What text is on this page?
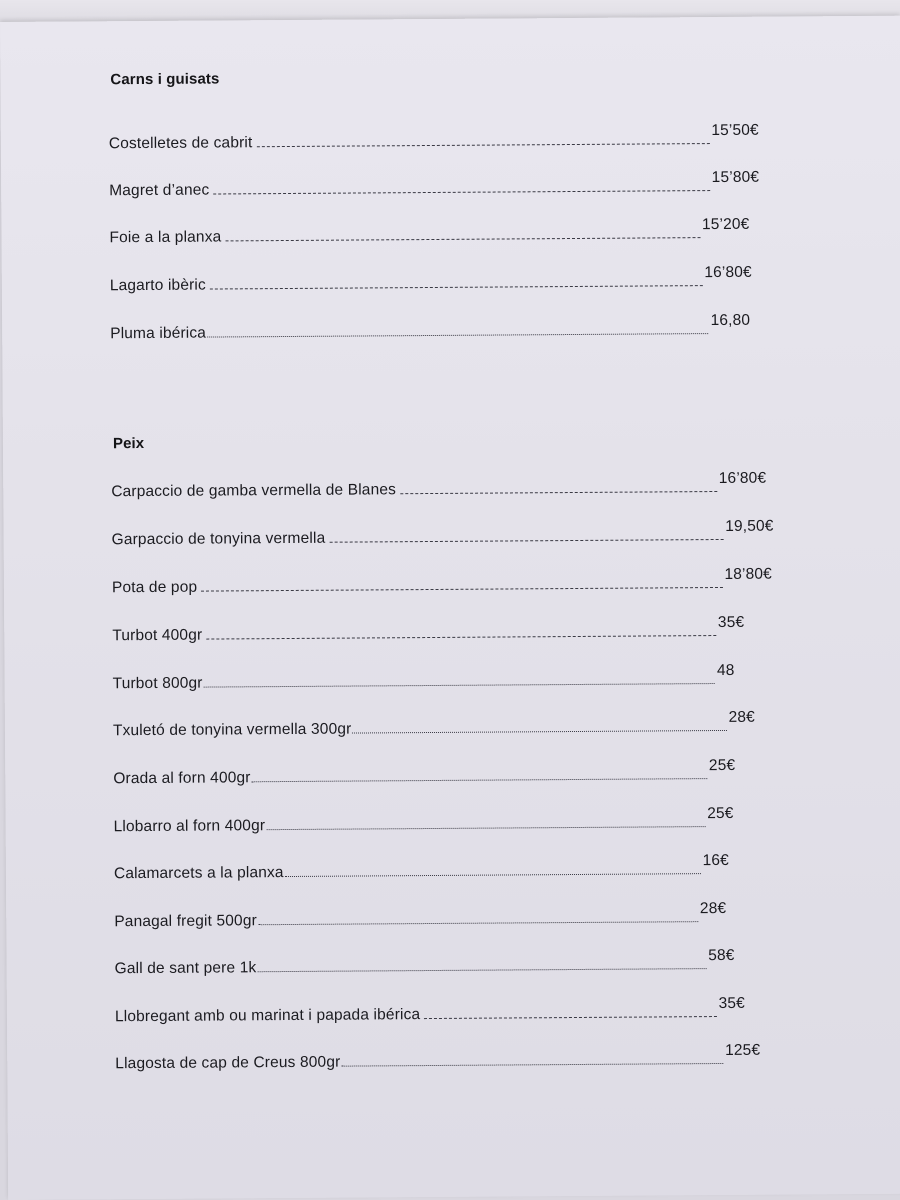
Carns i guisats
Costelletes de cabrit
15’50€
Magret d’anec
15’80€
Foie a la planxa
15’20€
Lagarto ibèric
16’80€
Pluma ibérica
16,80
Peix
Carpaccio de gamba vermella de Blanes
16’80€
Garpaccio de tonyina vermella
19,50€
Pota de pop
18’80€
Turbot 400gr
35€
Turbot 800gr
48
Txuletó de tonyina vermella 300gr
28€
Orada al forn 400gr
25€
Llobarro al forn 400gr
25€
Calamarcets a la planxa
16€
Panagal fregit 500gr
28€
Gall de sant pere 1k
58€
Llobregant amb ou marinat i papada ibérica
35€
Llagosta de cap de Creus 800gr
125€
